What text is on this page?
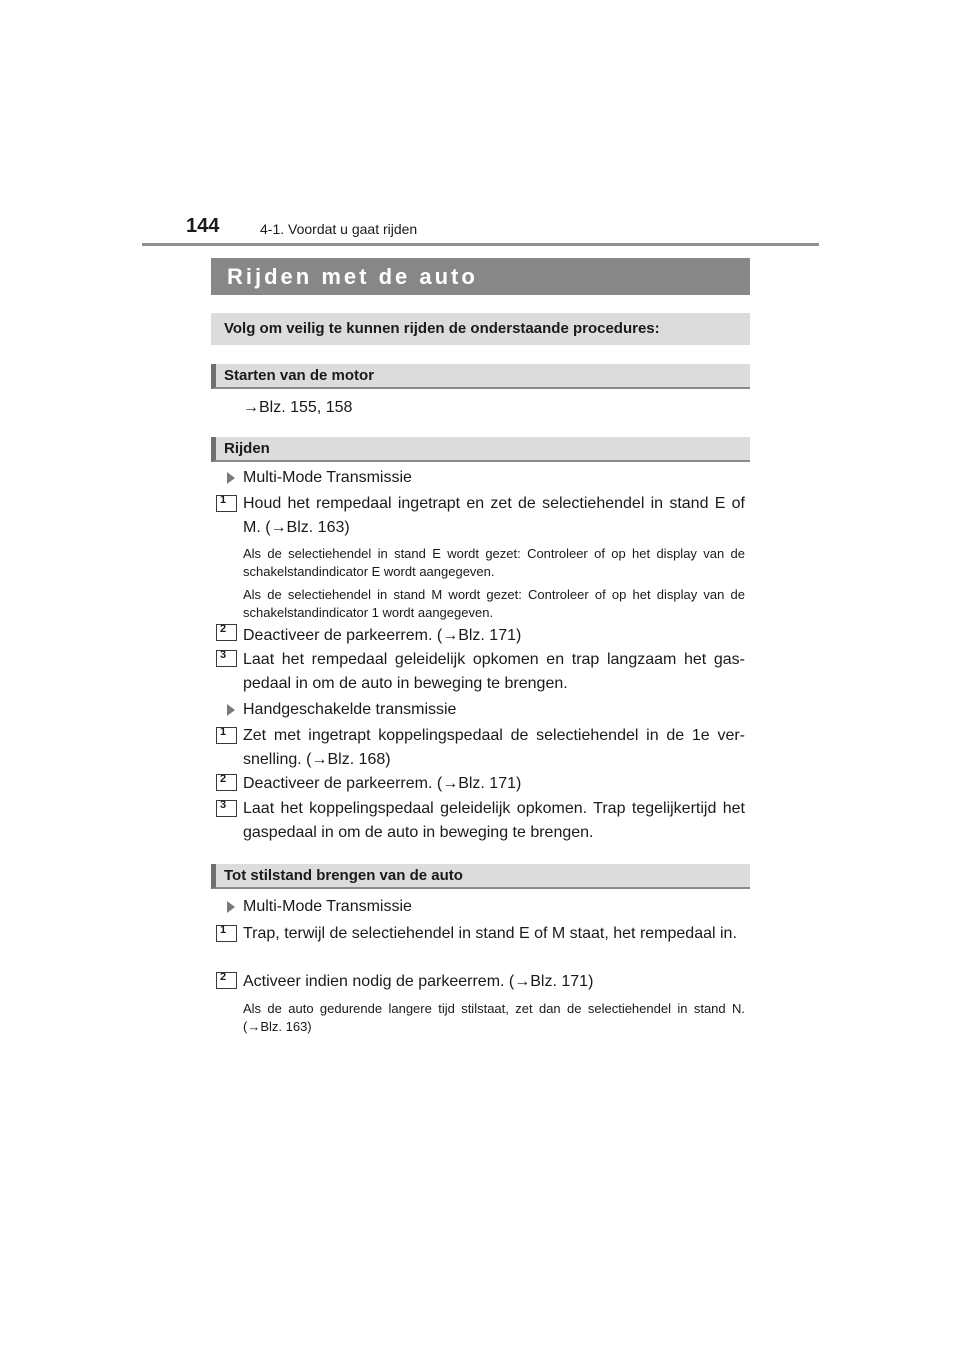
144	4-1. Voordat u gaat rijden
Rijden met de auto
Volg om veilig te kunnen rijden de onderstaande procedures:
Starten van de motor
→Blz. 155, 158
Rijden
Multi-Mode Transmissie
1	Houd het rempedaal ingetrapt en zet de selectiehendel in stand E of M. (→Blz. 163)
Als de selectiehendel in stand E wordt gezet: Controleer of op het display van de schakelstandindicator E wordt aangegeven.
Als de selectiehendel in stand M wordt gezet: Controleer of op het display van de schakelstandindicator 1 wordt aangegeven.
2	Deactiveer de parkeerrem. (→Blz. 171)
3	Laat het rempedaal geleidelijk opkomen en trap langzaam het gas-pedaal in om de auto in beweging te brengen.
Handgeschakelde transmissie
1	Zet met ingetrapt koppelingspedaal de selectiehendel in de 1e ver-snelling. (→Blz. 168)
2	Deactiveer de parkeerrem. (→Blz. 171)
3	Laat het koppelingspedaal geleidelijk opkomen. Trap tegelijkertijd het gaspedaal in om de auto in beweging te brengen.
Tot stilstand brengen van de auto
Multi-Mode Transmissie
1	Trap, terwijl de selectiehendel in stand E of M staat, het rempedaal in.
2	Activeer indien nodig de parkeerrem. (→Blz. 171)
Als de auto gedurende langere tijd stilstaat, zet dan de selectiehendel in stand N. (→Blz. 163)
